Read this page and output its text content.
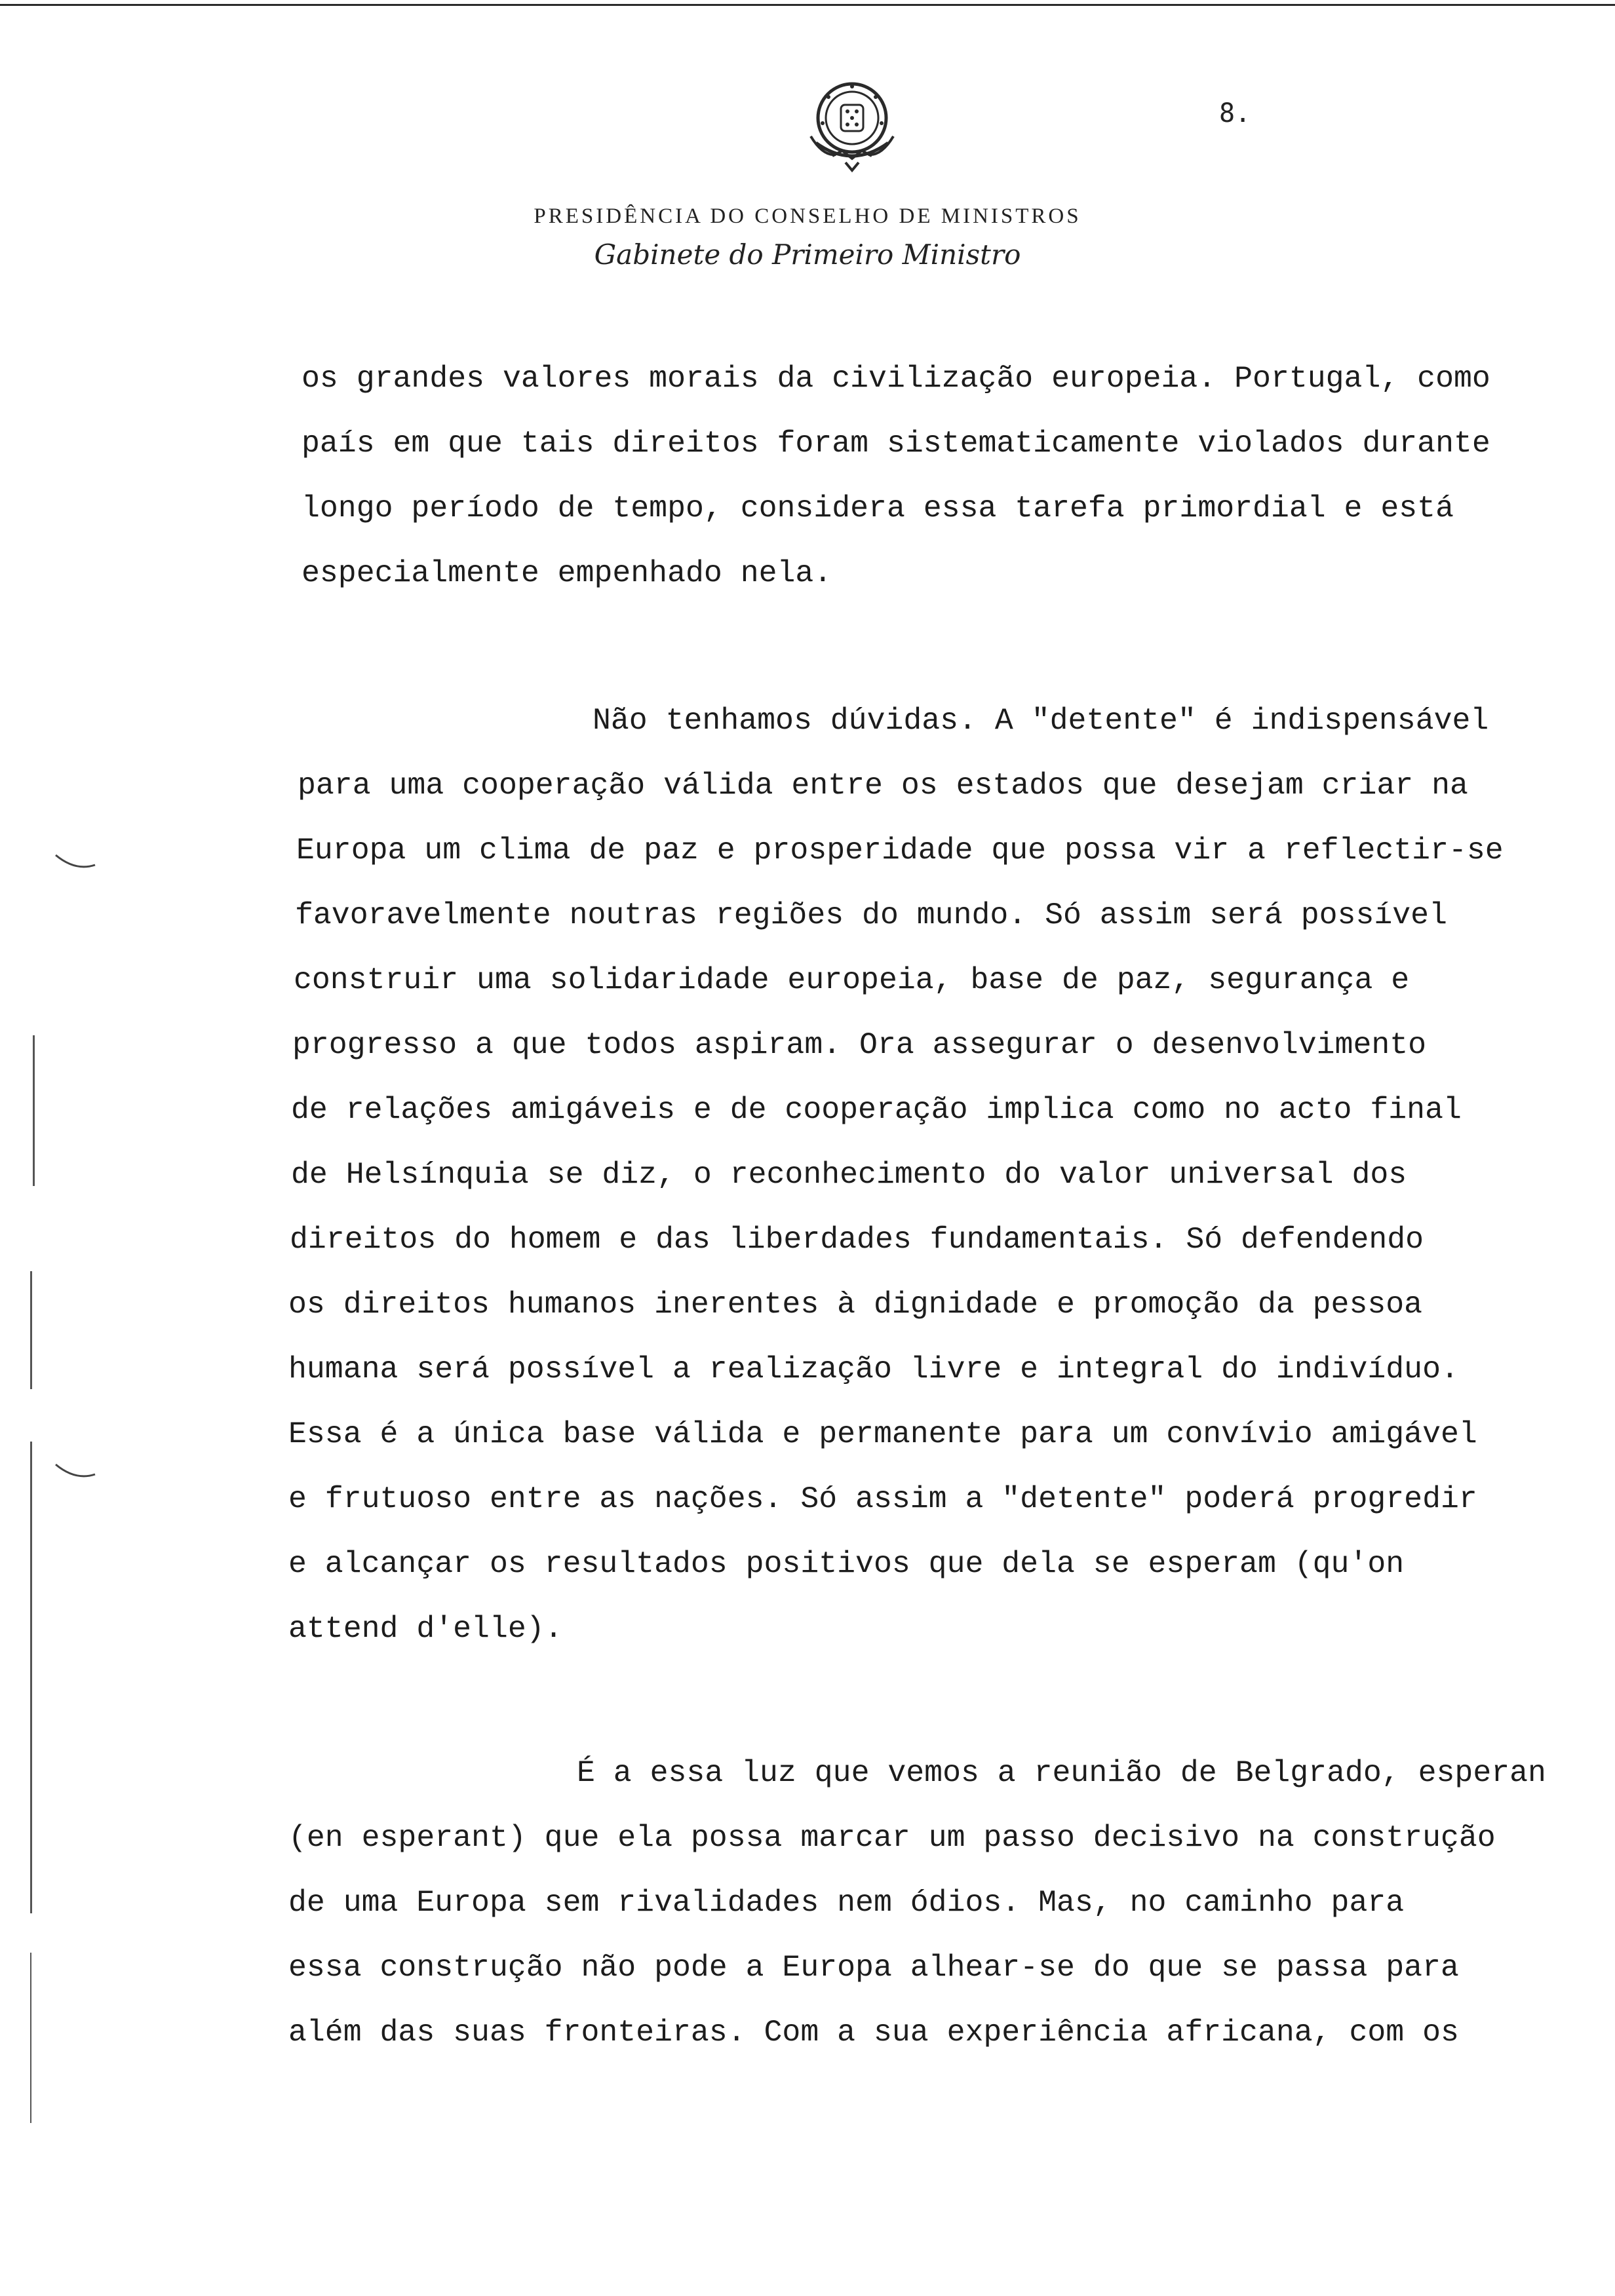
8.
PRESIDÊNCIA DO CONSELHO DE MINISTROS
Gabinete do Primeiro Ministro
os grandes valores morais da civilização europeia. Portugal, como
país em que tais direitos foram sistematicamente violados durante
longo período de tempo, considera essa tarefa primordial e está
especialmente empenhado nela.
Não tenhamos dúvidas. A "detente" é indispensável
para uma cooperação válida entre os estados que desejam criar na
Europa um clima de paz e prosperidade que possa vir a reflectir-se
favoravelmente noutras regiões do mundo. Só assim será possível
construir uma solidaridade europeia, base de paz, segurança e
progresso a que todos aspiram. Ora assegurar o desenvolvimento
de relações amigáveis e de cooperação implica como no acto final
de Helsínquia se diz, o reconhecimento do valor universal dos
direitos do homem e das liberdades fundamentais. Só defendendo
os direitos humanos inerentes à dignidade e promoção da pessoa
humana será possível a realização livre e integral do indivíduo.
Essa é a única base válida e permanente para um convívio amigável
e frutuoso entre as nações. Só assim a "detente" poderá progredir
e alcançar os resultados positivos que dela se esperam (qu'on
attend d'elle).
É a essa luz que vemos a reunião de Belgrado, esperan
(en esperant) que ela possa marcar um passo decisivo na construção
de uma Europa sem rivalidades nem ódios. Mas, no caminho para
essa construção não pode a Europa alhear-se do que se passa para
além das suas fronteiras. Com a sua experiência africana, com os
